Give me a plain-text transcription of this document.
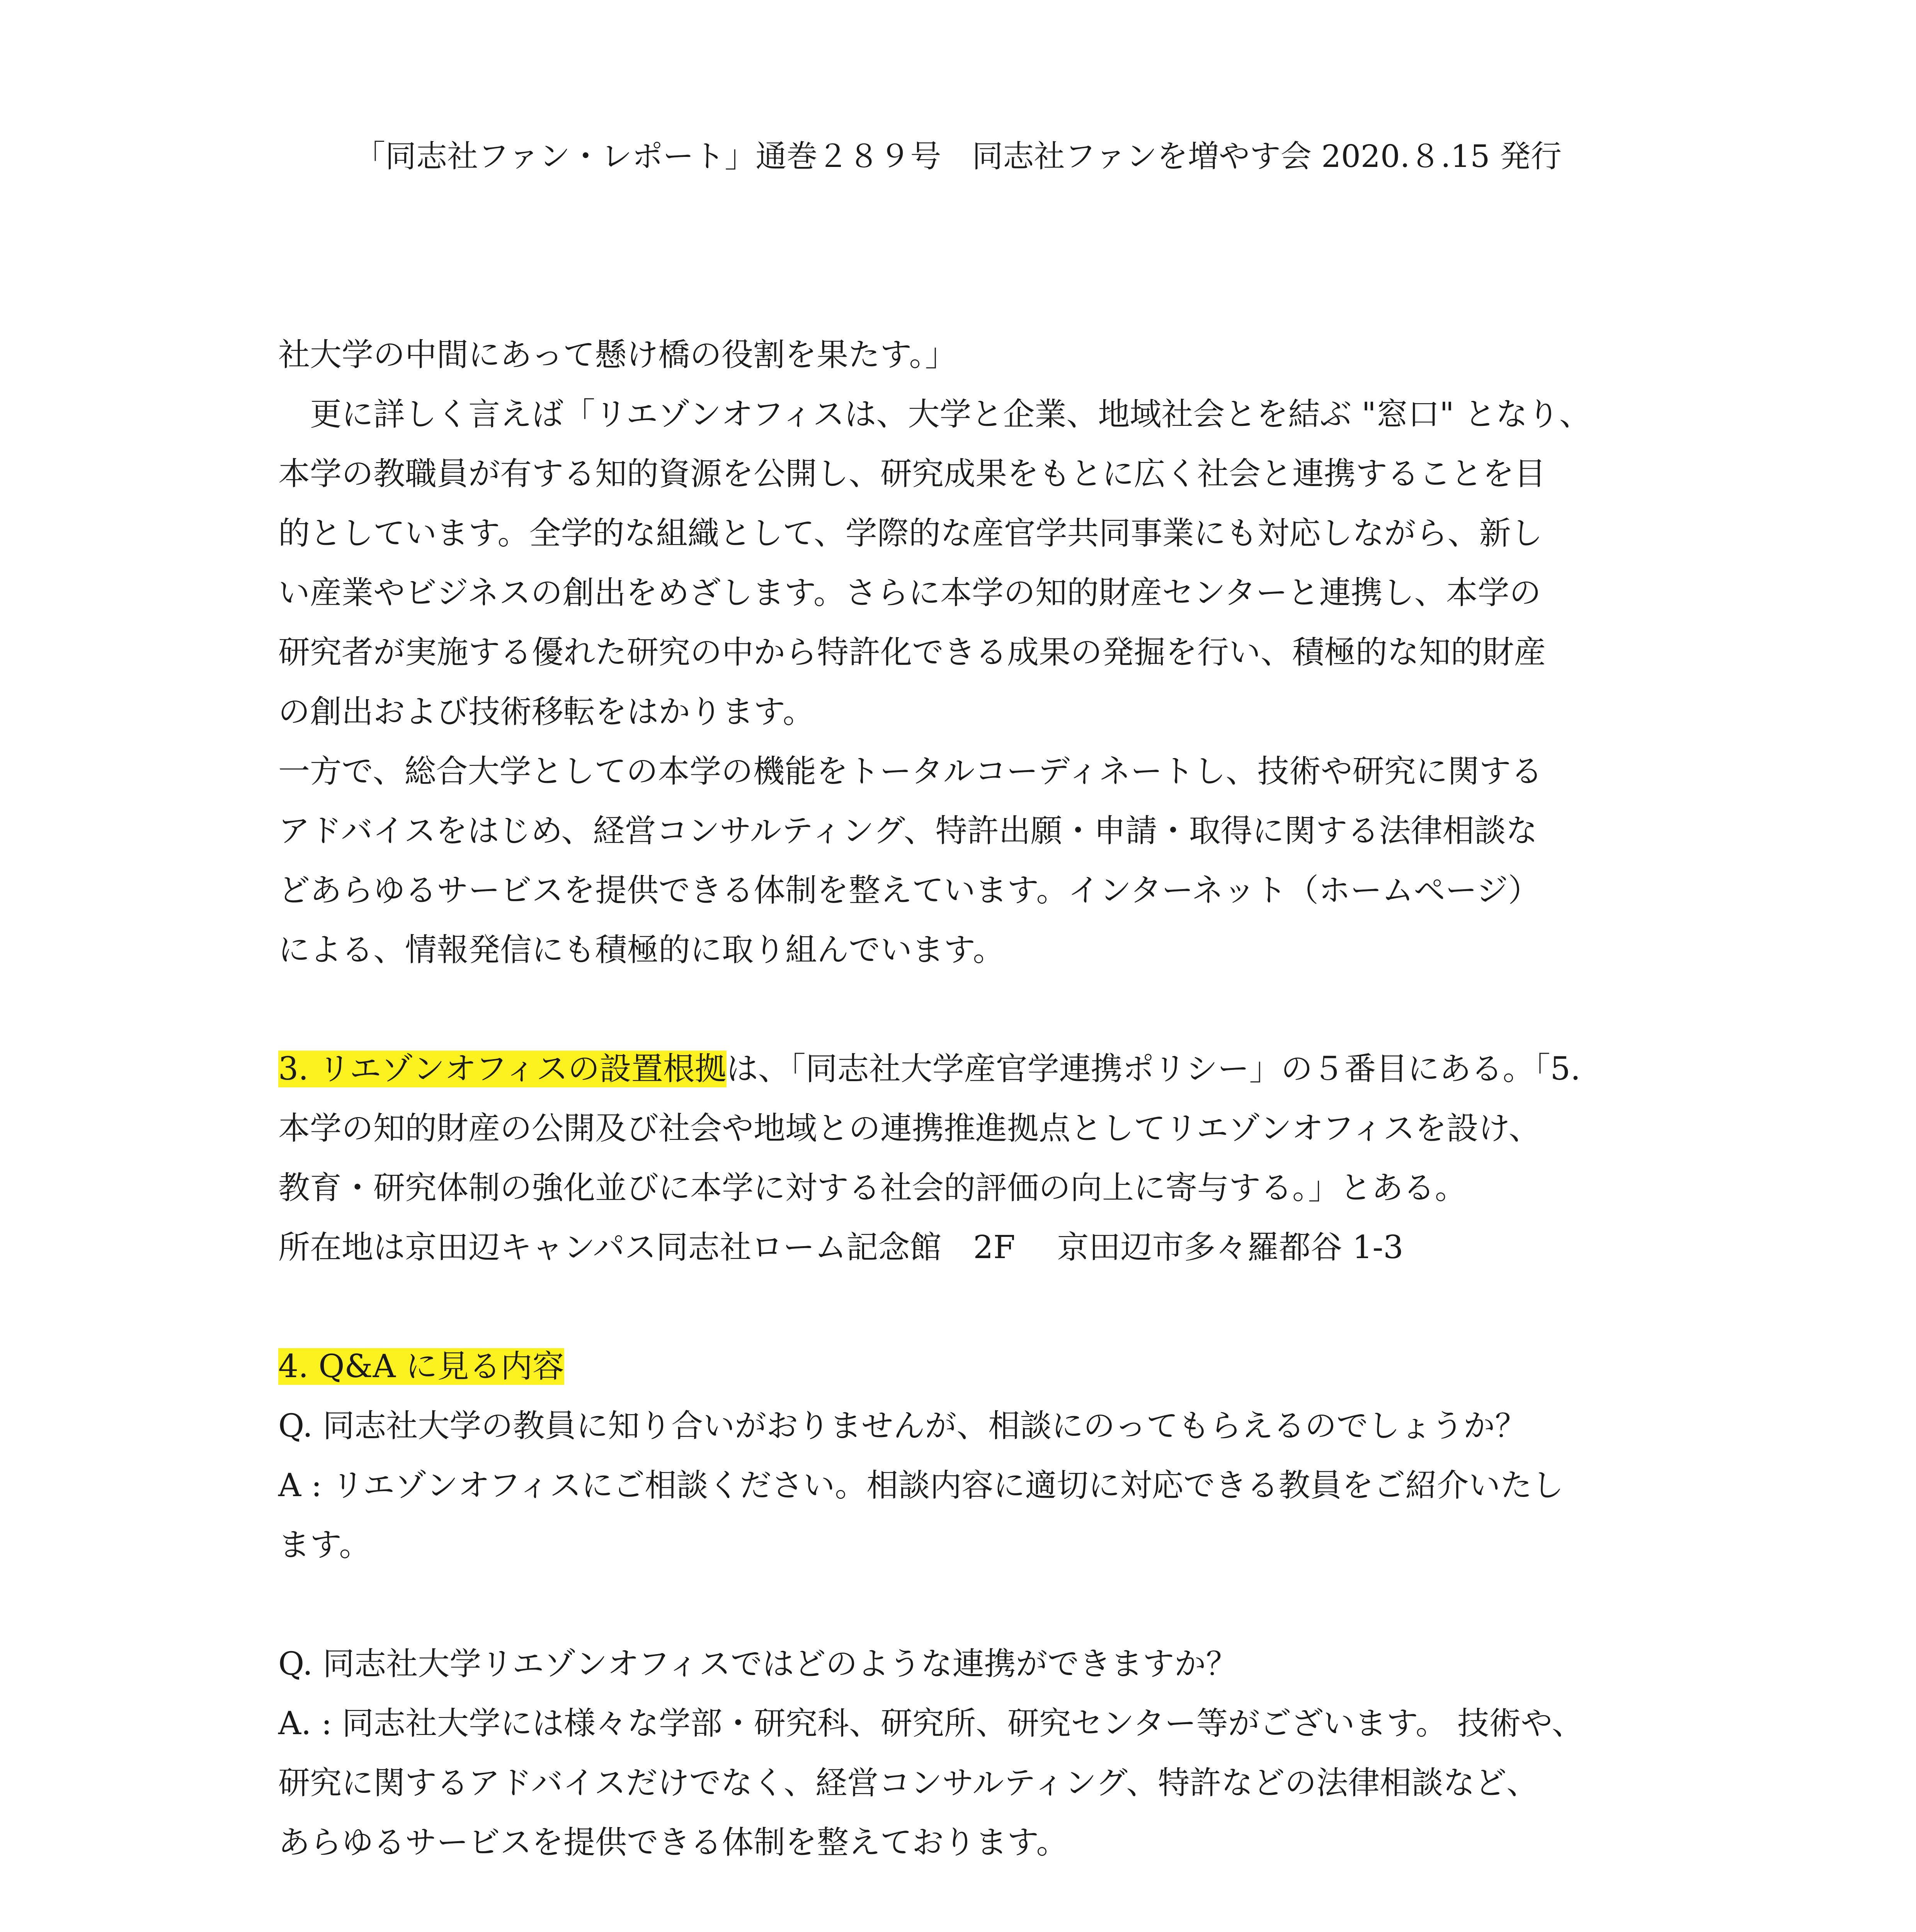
「同志社ファン・レポート」通巻２８９号　同志社ファンを増やす会 2020.８.15 発行
社大学の中間にあって懸け橋の役割を果たす。」
　更に詳しく言えば「リエゾンオフィスは、大学と企業、地域社会とを結ぶ "窓口" となり、
本学の教職員が有する知的資源を公開し、研究成果をもとに広く社会と連携することを目
的としています。全学的な組織として、学際的な産官学共同事業にも対応しながら、新し
い産業やビジネスの創出をめざします。さらに本学の知的財産センターと連携し、本学の
研究者が実施する優れた研究の中から特許化できる成果の発掘を行い、積極的な知的財産
の創出および技術移転をはかります。
一方で、総合大学としての本学の機能をトータルコーディネートし、技術や研究に関する
アドバイスをはじめ、経営コンサルティング、特許出願・申請・取得に関する法律相談な
どあらゆるサービスを提供できる体制を整えています。インターネット（ホームページ）
による、情報発信にも積極的に取り組んでいます。
3. リエゾンオフィスの設置根拠は、「同志社大学産官学連携ポリシー」の５番目にある。「5.
本学の知的財産の公開及び社会や地域との連携推進拠点としてリエゾンオフィスを設け、
教育・研究体制の強化並びに本学に対する社会的評価の向上に寄与する。」とある。
所在地は京田辺キャンパス同志社ローム記念館　2F　 京田辺市多々羅都谷 1-3
4. Q&A に見る内容
Q. 同志社大学の教員に知り合いがおりませんが、相談にのってもらえるのでしょうか？
A : リエゾンオフィスにご相談ください。相談内容に適切に対応できる教員をご紹介いたし
ます。
Q. 同志社大学リエゾンオフィスではどのような連携ができますか？
A. : 同志社大学には様々な学部・研究科、研究所、研究センター等がございます。 技術や、
研究に関するアドバイスだけでなく、経営コンサルティング、特許などの法律相談など、
あらゆるサービスを提供できる体制を整えております。
